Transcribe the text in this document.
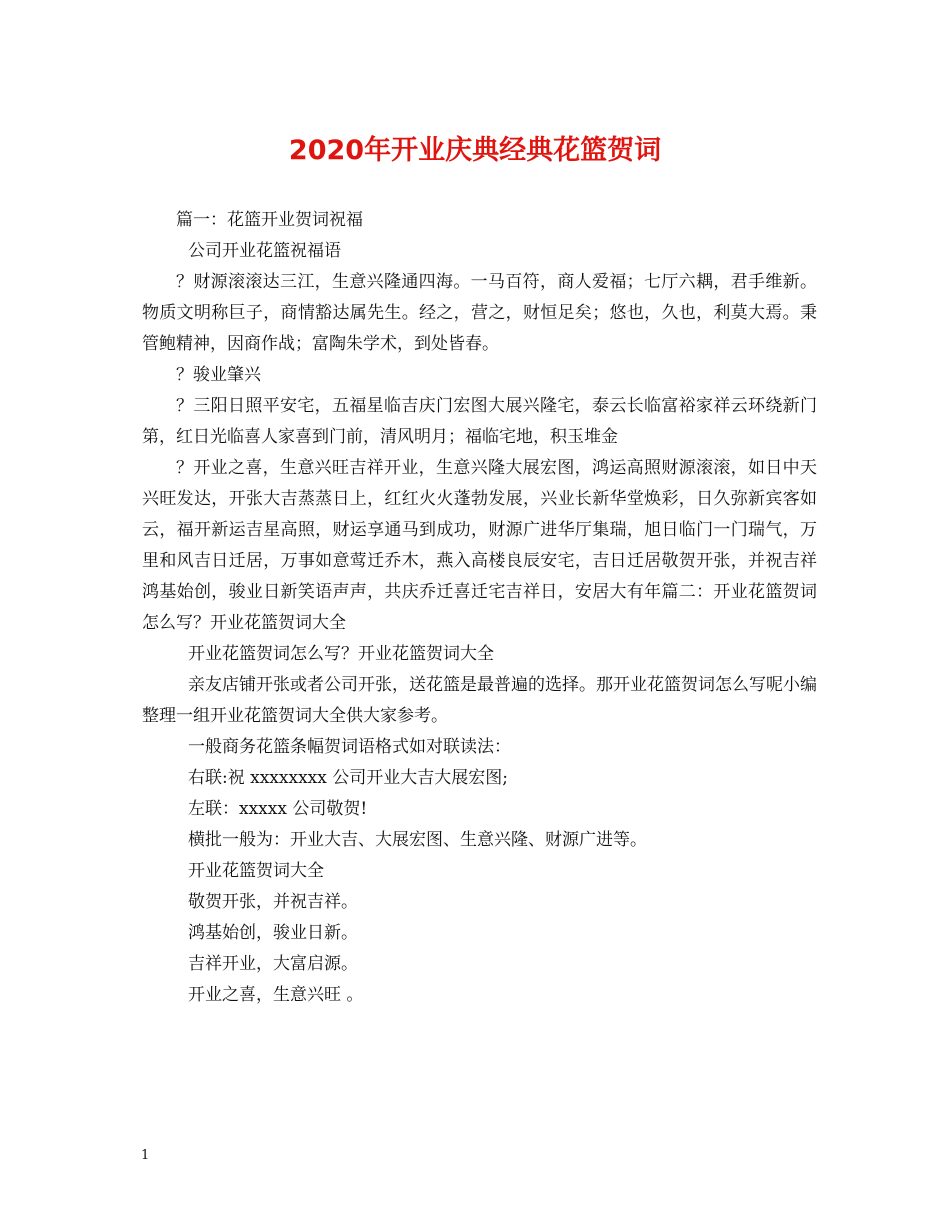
2020年开业庆典经典花篮贺词

篇一：花篮开业贺词祝福

公司开业花篮祝福语

？财源滚滚达三江，生意兴隆通四海。一马百符，商人爱福；七厅六耦，君手维新。物质文明称巨子，商情豁达属先生。经之，营之，财恒足矣；悠也，久也，利莫大焉。秉管鲍精神，因商作战；富陶朱学术，到处皆春。

？骏业肇兴

？三阳日照平安宅，五福星临吉庆门宏图大展兴隆宅，泰云长临富裕家祥云环绕新门第，红日光临喜人家喜到门前，清风明月；福临宅地，积玉堆金

？开业之喜，生意兴旺吉祥开业，生意兴隆大展宏图，鸿运高照财源滚滚，如日中天兴旺发达，开张大吉蒸蒸日上，红红火火蓬勃发展，兴业长新华堂焕彩，日久弥新宾客如云，福开新运吉星高照，财运享通马到成功，财源广进华厅集瑞，旭日临门一门瑞气，万里和风吉日迁居，万事如意莺迁乔木，燕入高楼良辰安宅，吉日迁居敬贺开张，并祝吉祥鸿基始创，骏业日新笑语声声，共庆乔迁喜迁宅吉祥日，安居大有年篇二：开业花篮贺词怎么写？开业花篮贺词大全

开业花篮贺词怎么写？开业花篮贺词大全

亲友店铺开张或者公司开张，送花篮是最普遍的选择。那开业花篮贺词怎么写呢小编整理一组开业花篮贺词大全供大家参考。

一般商务花篮条幅贺词语格式如对联读法：

右联:祝 xxxxxxxx 公司开业大吉大展宏图;

左联：xxxxx 公司敬贺!

横批一般为：开业大吉、大展宏图、生意兴隆、财源广进等。

开业花篮贺词大全

敬贺开张，并祝吉祥。

鸿基始创，骏业日新。

吉祥开业，大富启源。

开业之喜，生意兴旺 。

1
